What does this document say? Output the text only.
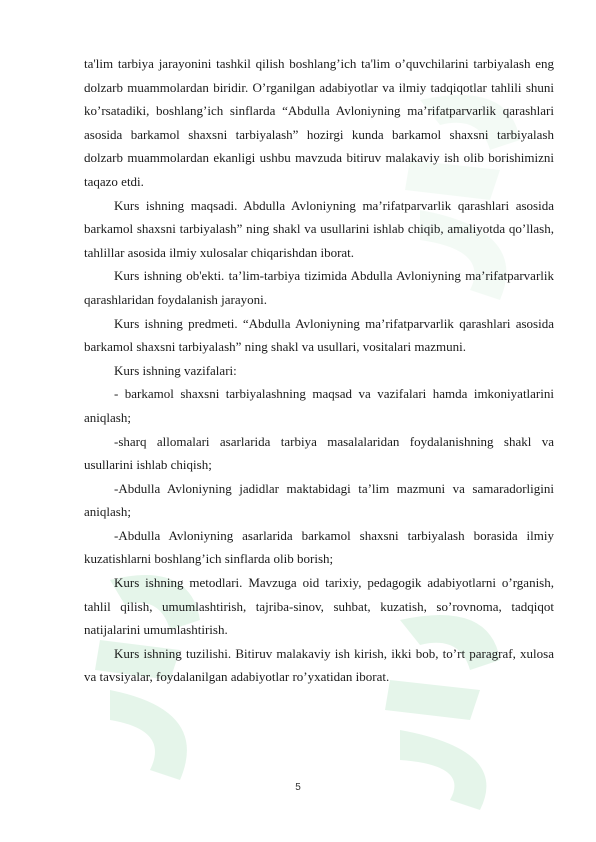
ta'lim tarbiya jarayonini tashkil qilish boshlang’ich ta'lim o’quvchilarini tarbiyalash eng dolzarb muammolardan biridir. O’rganilgan adabiyotlar va ilmiy tadqiqotlar tahlili shuni ko’rsatadiki, boshlang’ich sinflarda “Abdulla Avloniyning ma’rifatparvarlik qarashlari asosida barkamol shaxsni tarbiyalash” hozirgi kunda barkamol shaxsni tarbiyalash dolzarb muammolardan ekanligi ushbu mavzuda bitiruv malakaviy ish olib borishimizni taqazo etdi.

Kurs ishning maqsadi. Abdulla Avloniyning ma’rifatparvarlik qarashlari asosida barkamol shaxsni tarbiyalash” ning shakl va usullarini ishlab chiqib, amaliyotda qo’llash, tahlillar asosida ilmiy xulosalar chiqarishdan iborat.

Kurs ishning ob'ekti. ta’lim-tarbiya tizimida Abdulla Avloniyning ma’rifatparvarlik qarashlaridan foydalanish jarayoni.

Kurs ishning predmeti. “Abdulla Avloniyning ma’rifatparvarlik qarashlari asosida barkamol shaxsni tarbiyalash” ning shakl va usullari, vositalari mazmuni.

Kurs ishning vazifalari:

- barkamol shaxsni tarbiyalashning maqsad va vazifalari hamda imkoniyatlarini aniqlash;

-sharq allomalari asarlarida tarbiya masalalaridan foydalanishning shakl va usullarini ishlab chiqish;

-Abdulla Avloniyning jadidlar maktabidagi ta’lim mazmuni va samaradorligini aniqlash;

-Abdulla Avloniyning asarlarida barkamol shaxsni tarbiyalash borasida ilmiy kuzatishlarni boshlang’ich sinflarda olib borish;

Kurs ishning metodlari. Mavzuga oid tarixiy, pedagogik adabiyotlarni o’rganish, tahlil qilish, umumlashtirish, tajriba-sinov, suhbat, kuzatish, so’rovnoma, tadqiqot natijalarini umumlashtirish.

Kurs ishning tuzilishi. Bitiruv malakaviy ish kirish, ikki bob, to’rt paragraf, xulosa va tavsiyalar, foydalanilgan adabiyotlar ro’yxatidan iborat.

5
